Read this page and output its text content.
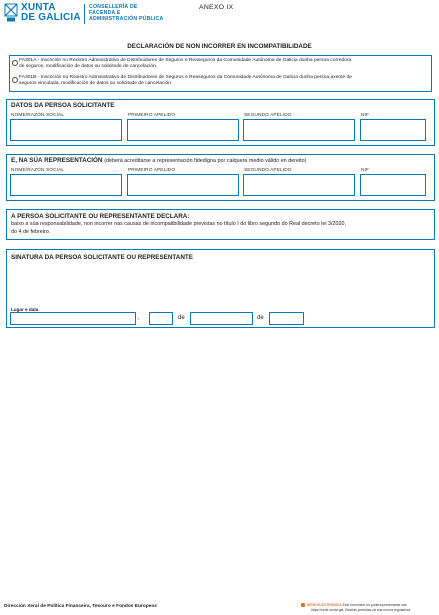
XUNTA
DE GALICIA
CONSELLERÍA DE
FACENDA E
ADMINISTRACIÓN PÚBLICA
ANEXO IX
DECLARACIÓN DE NON INCORRER EN INCOMPATIBILIDADE
FA301A - Inscrición no Rexistro Administrativo de Distribuidores de Seguros e Reaseguros da Comunidade Autónoma de Galicia dunha persoa corredora
de seguros, modificación de datos ou solicitude de cancelación.
FA301B - Inscrición no Rexistro Administrativo de Distribuidores de Seguros e Reaseguros da Comunidade Autónoma de Galicia dunha persoa axente de
seguros vinculada, modificación de datos ou solicitude de cancelación.
DATOS DA PERSOA SOLICITANTE
NOME/RAZÓN SOCIAL	PRIMEIRO APELIDO	SEGUNDO APELIDO	NIF
E, NA SÚA REPRESENTACIÓN (deberá acreditarse a representación fidedigna por calquera medio válido en dereito)
NOME/RAZÓN SOCIAL	PRIMEIRO APELIDO	SEGUNDO APELIDO	NIF
A PERSOA SOLICITANTE OU REPRESENTANTE DECLARA:
baixo a súa responsabilidade, non incorrer nas causas de incompatibilidade previstas no título I do libro segundo do Real decreto lei 3/2020,
do 4 de febreiro.
SINATURA DA PERSOA SOLICITANTE OU REPRESENTANTE
Lugar e data
,	de	de
Dirección Xeral de Política Financeira, Tesouro e Fondos Europeos	SEDE ELECTRÓNICA Este formulario só poderá presentarse nas
https://sede.xunta.gal. Restras previstas na súa norma reguladora
